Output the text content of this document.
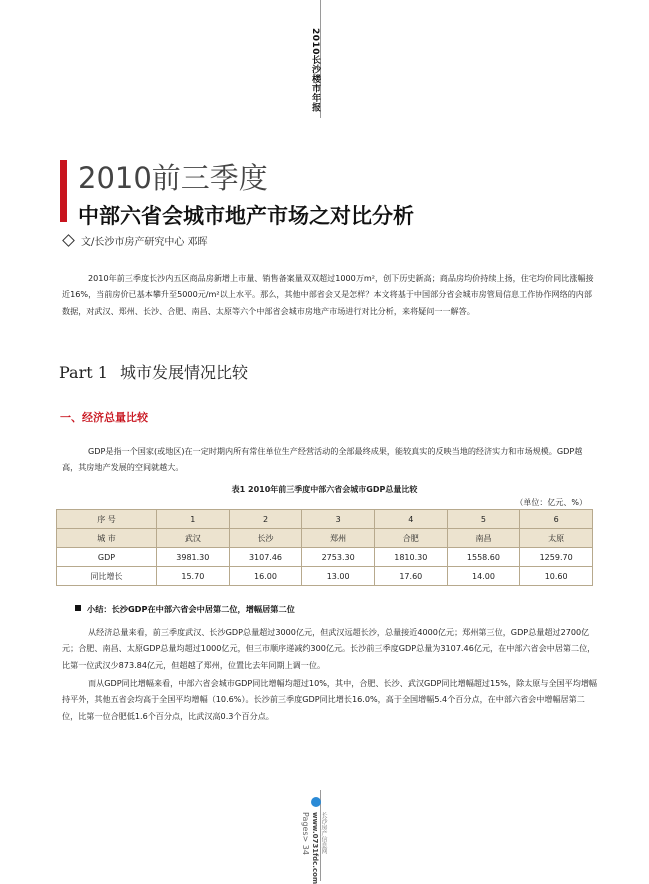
2010长沙楼市年报
2010前三季度
中部六省会城市地产市场之对比分析
文/长沙市房产研究中心 邓晖
2010年前三季度长沙内五区商品房新增上市量、销售备案量双双超过1000万m²，创下历史新高；商品房均价持续上扬，住宅均价同比涨幅接近16%，当前房价已基本攀升至5000元/m²以上水平。那么，其他中部省会又是怎样？本文将基于中国部分省会城市房管局信息工作协作网络的内部数据，对武汉、郑州、长沙、合肥、南昌、太原等六个中部省会城市房地产市场进行对比分析，来将疑问一一解答。
Part 1 城市发展情况比较
一、经济总量比较
GDP是指一个国家(或地区)在一定时期内所有常住单位生产经营活动的全部最终成果，能较真实的反映当地的经济实力和市场规模。GDP越高，其房地产发展的空间就越大。
表1 2010年前三季度中部六省会城市GDP总量比较
（单位：亿元、%）
序 号	1	2	3	4	5	6
城 市	武汉	长沙	郑州	合肥	南昌	太原
GDP	3981.30	3107.46	2753.30	1810.30	1558.60	1259.70
同比增长	15.70	16.00	13.00	17.60	14.00	10.60
小结：长沙GDP在中部六省会中居第二位，增幅居第二位
从经济总量来看，前三季度武汉、长沙GDP总量超过3000亿元，但武汉远超长沙，总量接近4000亿元；郑州第三位，GDP总量超过2700亿元；合肥、南昌、太原GDP总量均超过1000亿元，但三市顺序递减约300亿元。长沙前三季度GDP总量为3107.46亿元，在中部六省会中居第二位，比第一位武汉少873.84亿元，但超越了郑州，位置比去年同期上调一位。
而从GDP同比增幅来看，中部六省会城市GDP同比增幅均超过10%，其中，合肥、长沙、武汉GDP同比增幅超过15%，除太原与全国平均增幅持平外，其他五省会均高于全国平均增幅（10.6%）。长沙前三季度GDP同比增长16.0%，高于全国增幅5.4个百分点，在中部六省会中增幅居第二位，比第一位合肥低1.6个百分点，比武汉高0.3个百分点。
Pages> 34 www.0731fdc.com 长沙房产信息网
